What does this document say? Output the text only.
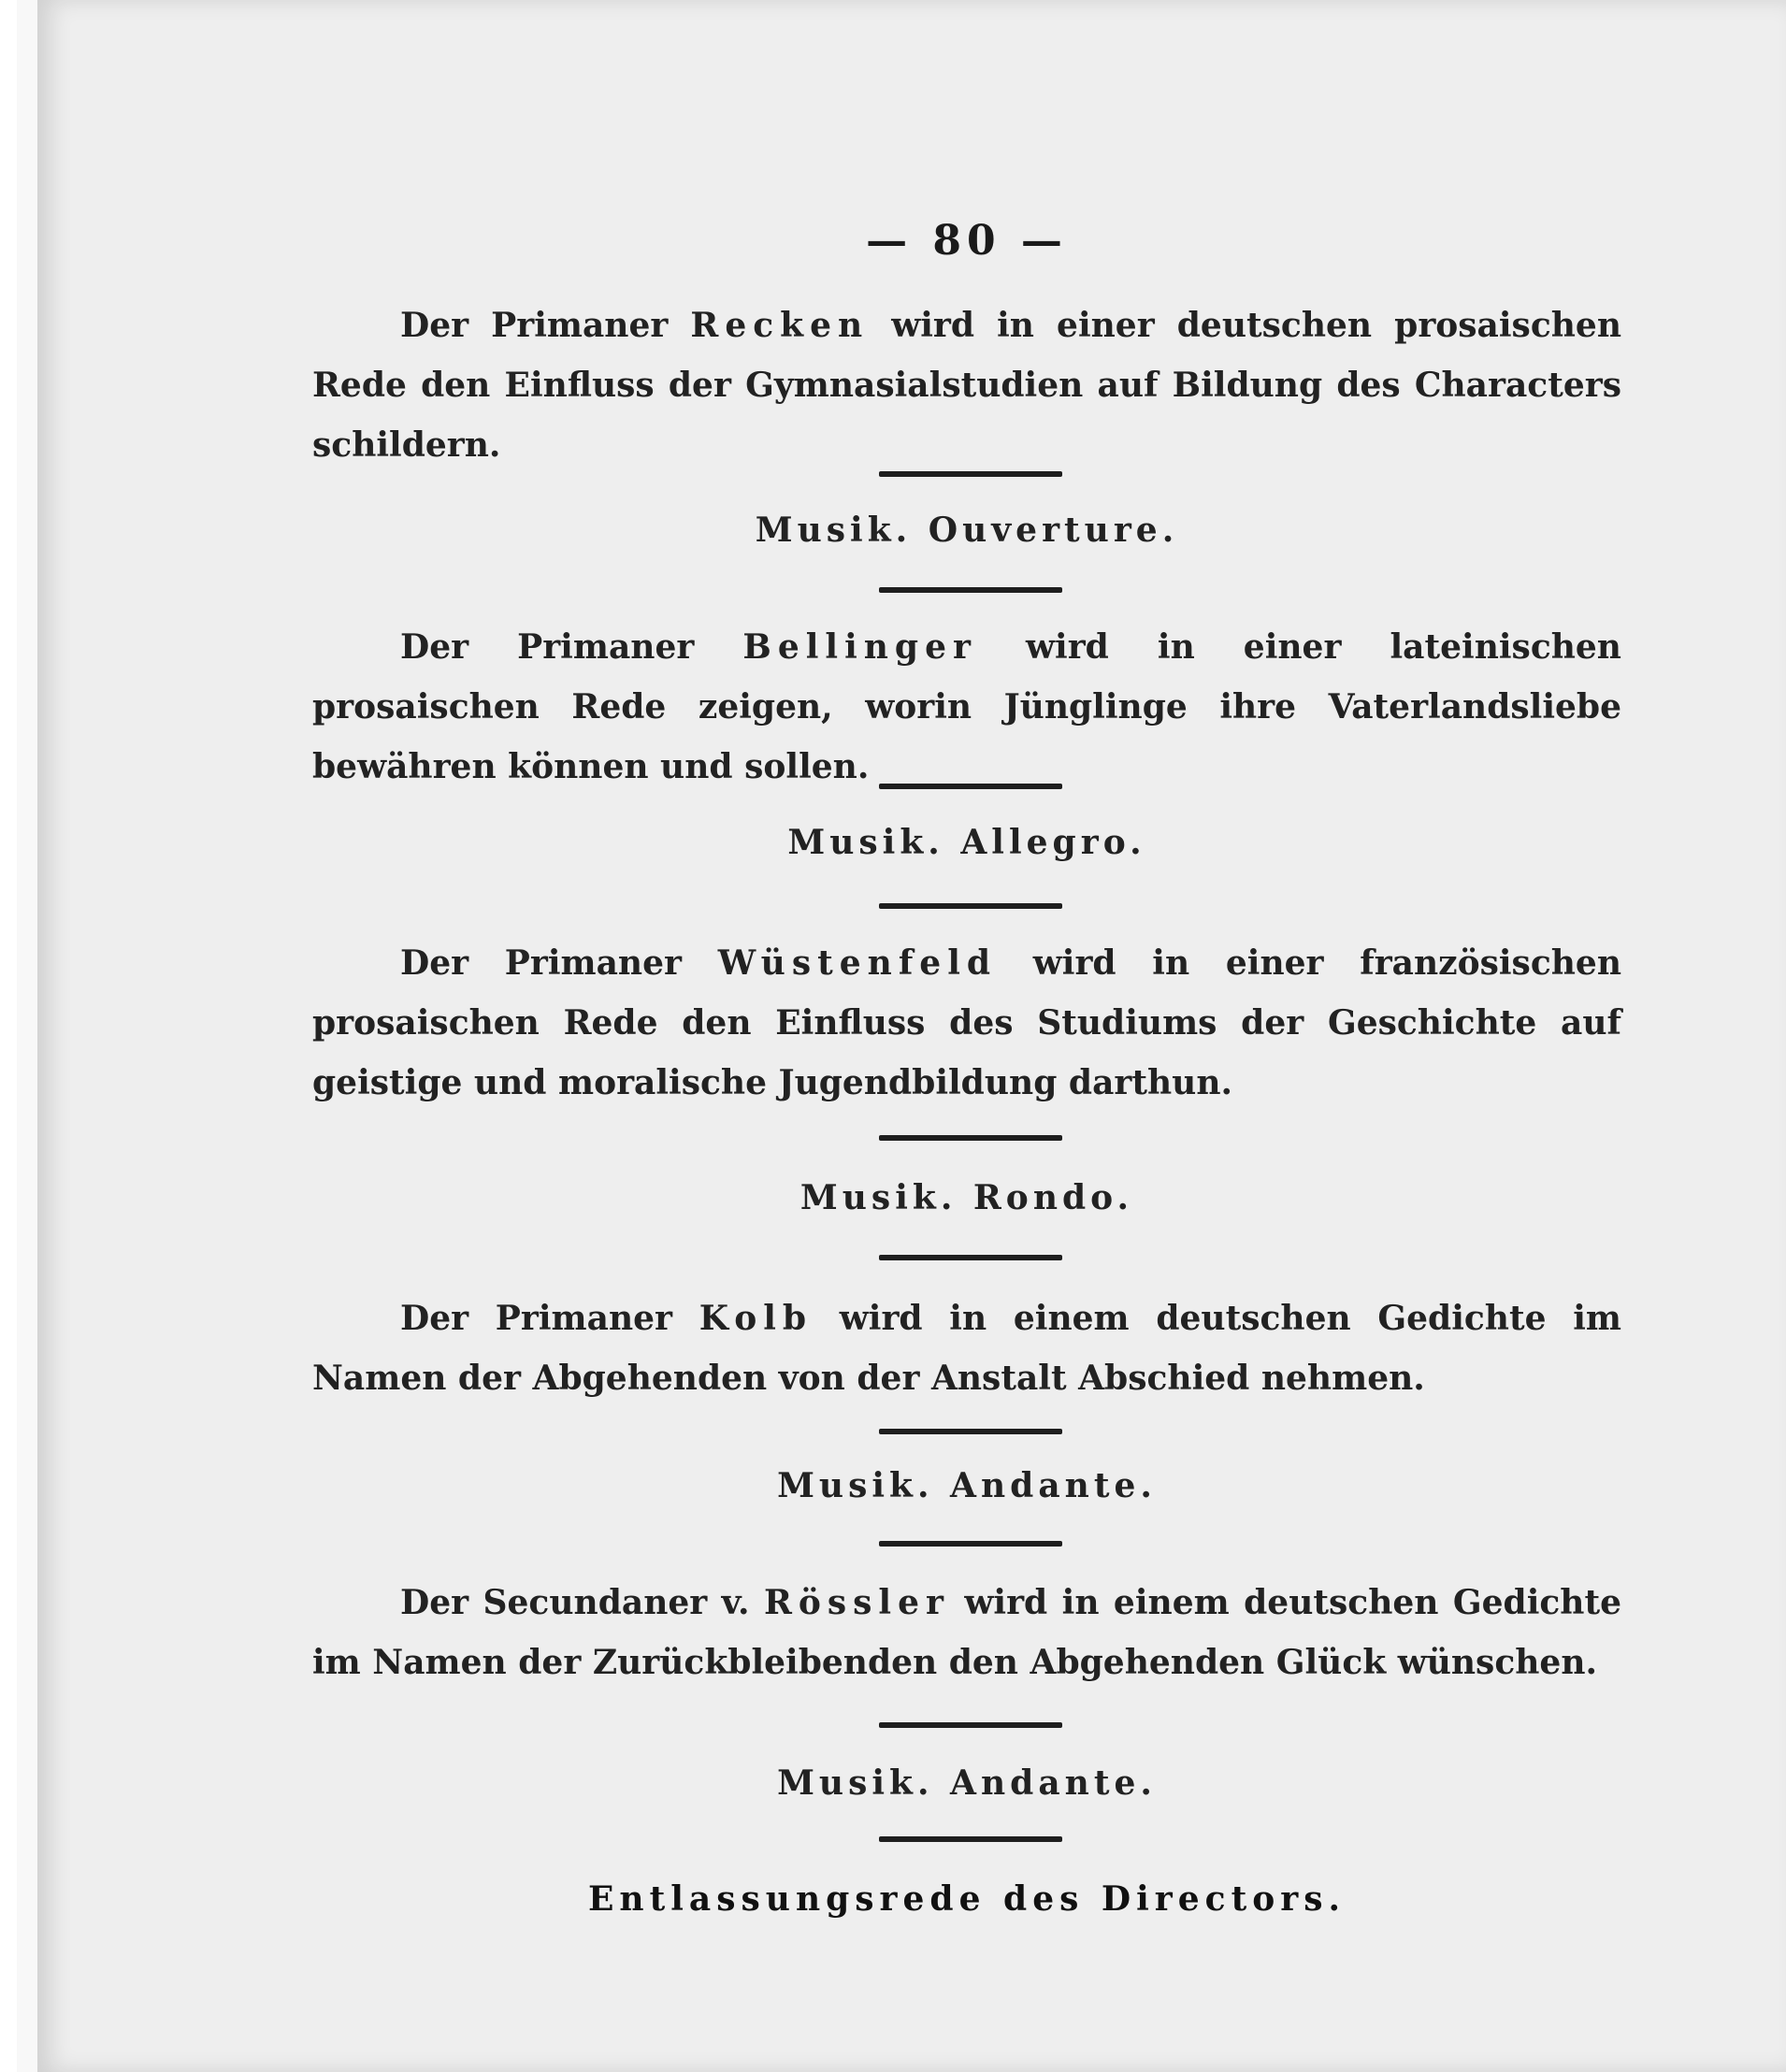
— 80 —
Der Primaner Recken wird in einer deutschen prosaischen Rede den Einfluss der Gymnasialstudien auf Bildung des Characters schildern.
Musik. Ouverture.
Der Primaner Bellinger wird in einer lateinischen prosaischen Rede zeigen, worin Jünglinge ihre Vaterlandsliebe bewähren können und sollen.
Musik. Allegro.
Der Primaner Wüstenfeld wird in einer französischen prosaischen Rede den Einfluss des Studiums der Geschichte auf geistige und moralische Jugendbildung darthun.
Musik. Rondo.
Der Primaner Kolb wird in einem deutschen Gedichte im Namen der Abgehenden von der Anstalt Abschied nehmen.
Musik. Andante.
Der Secundaner v. Rössler wird in einem deutschen Gedichte im Namen der Zurückbleibenden den Abgehenden Glück wünschen.
Musik. Andante.
Entlassungsrede des Directors.
